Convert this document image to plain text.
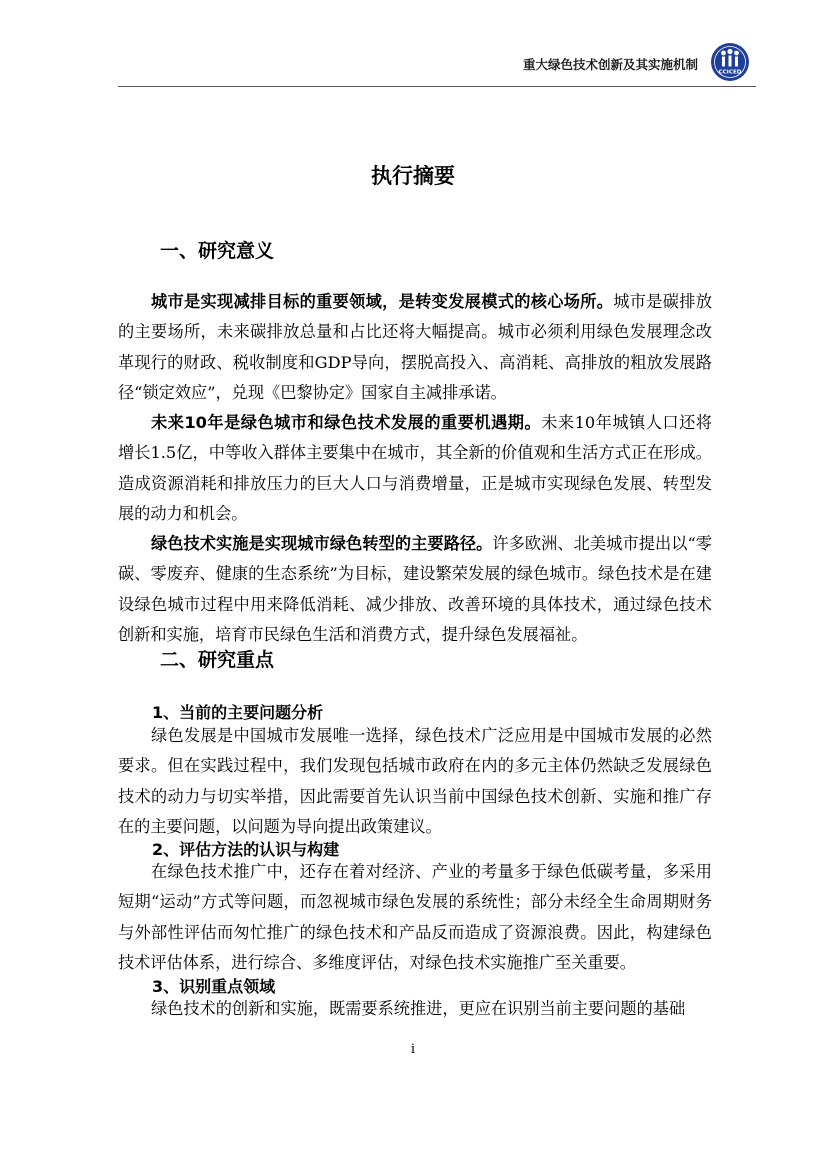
重大绿色技术创新及其实施机制
CCICED
执行摘要
一、研究意义

城市是实现减排目标的重要领域，是转变发展模式的核心场所。城市是碳排放的主要场所，未来碳排放总量和占比还将大幅提高。城市必须利用绿色发展理念改革现行的财政、税收制度和GDP导向，摆脱高投入、高消耗、高排放的粗放发展路径“锁定效应”，兑现《巴黎协定》国家自主减排承诺。

未来10年是绿色城市和绿色技术发展的重要机遇期。未来10年城镇人口还将增长1.5亿，中等收入群体主要集中在城市，其全新的价值观和生活方式正在形成。造成资源消耗和排放压力的巨大人口与消费增量，正是城市实现绿色发展、转型发展的动力和机会。

绿色技术实施是实现城市绿色转型的主要路径。许多欧洲、北美城市提出以“零碳、零废弃、健康的生态系统”为目标，建设繁荣发展的绿色城市。绿色技术是在建设绿色城市过程中用来降低消耗、减少排放、改善环境的具体技术，通过绿色技术创新和实施，培育市民绿色生活和消费方式，提升绿色发展福祉。

二、研究重点
1、当前的主要问题分析

绿色发展是中国城市发展唯一选择，绿色技术广泛应用是中国城市发展的必然要求。但在实践过程中，我们发现包括城市政府在内的多元主体仍然缺乏发展绿色技术的动力与切实举措，因此需要首先认识当前中国绿色技术创新、实施和推广存在的主要问题，以问题为导向提出政策建议。

2、评估方法的认识与构建

在绿色技术推广中，还存在着对经济、产业的考量多于绿色低碳考量，多采用短期“运动”方式等问题，而忽视城市绿色发展的系统性；部分未经全生命周期财务与外部性评估而匆忙推广的绿色技术和产品反而造成了资源浪费。因此，构建绿色技术评估体系，进行综合、多维度评估，对绿色技术实施推广至关重要。

3、识别重点领域

绿色技术的创新和实施，既需要系统推进，更应在识别当前主要问题的基础

i
